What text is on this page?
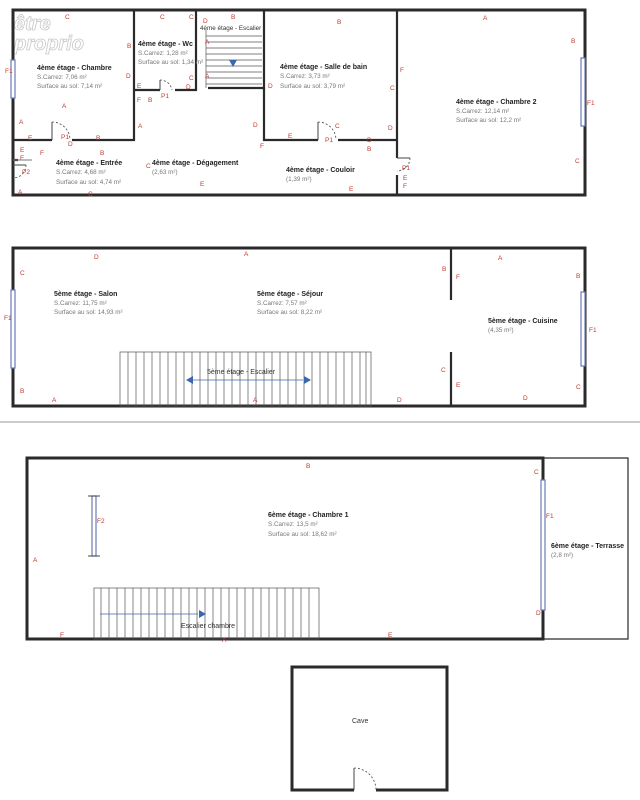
être
proprio
P1
P1
P1
P1
P2
C
B
A
F1
A
D
E
F
B
D
B
A
E
F
C
C
C
A
A
B
D
B
D
D
E
B
D	C
F
A
B
C
F1
C
A
E
F
C
E
E	F
B
E
F
D
D
C
4ème étage - Chambre
S.Carrez: 7,06 m²
Surface au sol: 7,14 m²
4ème étage - Wc
S.Carrez: 1,28 m²
Surface au sol: 1,34 m²
4ème étage - Escalier
4ème étage - Salle de bain
S.Carrez: 3,73 m²
Surface au sol: 3,79 m²
4ème étage - Chambre 2
S.Carrez: 12,14 m²
Surface au sol: 12,2 m²
4ème étage - Entrée
S.Carrez: 4,68 m²
Surface au sol: 4,74 m²
4ème étage - Dégagement
(2,63 m²)	4ème étage - Couloir
(1,39 m²)
5ème étage - Escalier
5ème étage - Salon
S.Carrez: 11,75 m²
Surface au sol: 14,93 m²
5ème étage - Séjour
S.Carrez: 7,57 m²
Surface au sol: 8,22 m²
5ème étage - Cuisine
(4,35 m²)
D	A
C
F1
B
A	A	D
B
F
A
B
F1
C
C
E
D
Escalier chambre
6ème étage - Chambre 1
S.Carrez: 13,5 m²
Surface au sol: 18,62 m²
6ème étage - Terrasse
(2,8 m²)
B
A
F
A
E
C
F1
D
F2
Cave
